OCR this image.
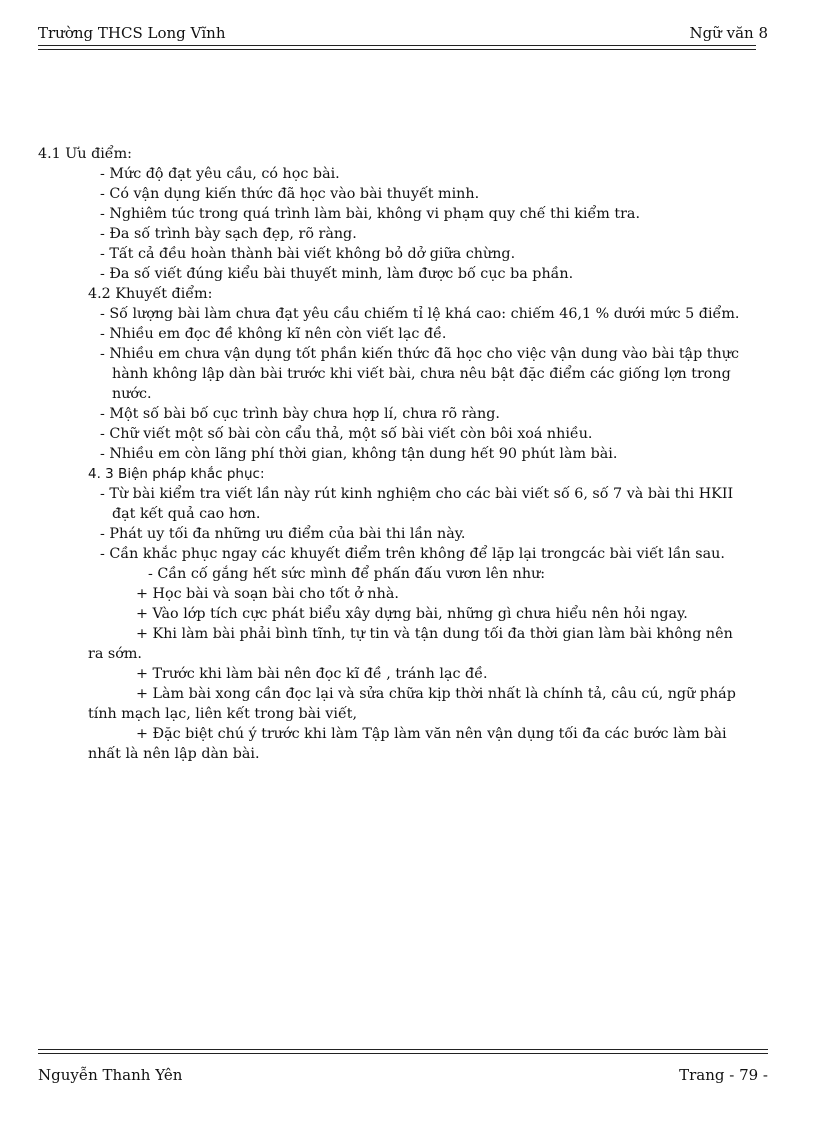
Trường THCS Long Vĩnh	Ngữ văn 8
4.1 Ưu điểm:
- Mức độ đạt yêu cầu, có học bài.
- Có vận dụng kiến thức đã học vào bài thuyết minh.
- Nghiêm túc trong quá trình làm bài, không vi phạm quy chế thi kiểm tra.
- Đa số trình bày sạch đẹp, rõ ràng.
- Tất cả đều hoàn thành bài viết không bỏ dở giữa chừng.
- Đa số viết đúng kiểu bài thuyết minh, làm được bố cục ba phần.
4.2 Khuyết điểm:
- Số lượng bài làm chưa đạt yêu cầu chiếm tỉ lệ khá cao: chiếm 46,1 % dưới mức 5 điểm.
- Nhiều em đọc đề không kĩ nên còn viết lạc đề.
- Nhiều em chưa vận dụng tốt phần kiến thức đã học cho việc vận dung vào bài tập thực
hành không lập dàn bài trước khi viết bài, chưa nêu bật đặc điểm các giống lợn trong
nước.
- Một số bài bố cục trình bày chưa hợp lí, chưa rõ ràng.
- Chữ viết một số bài còn cẩu thả, một số bài viết còn bôi xoá nhiều.
- Nhiều em còn lãng phí thời gian, không tận dung hết 90 phút làm bài.
4. 3 Biện pháp khắc phục:
- Từ bài kiểm tra viết lần này rút kinh nghiệm cho các bài viết số 6, số 7 và bài thi HKII
đạt kết quả cao hơn.
- Phát uy tối đa những ưu điểm của bài thi lần này.
- Cần khắc phục ngay các khuyết điểm trên không để lặp lại trongcác bài viết lần sau.
- Cần cố gắng hết sức mình để phấn đấu vươn lên như:
+ Học bài và soạn bài cho tốt ở nhà.
+ Vào lớp tích cực phát biểu xây dựng bài, những gì chưa hiểu nên hỏi ngay.
+ Khi làm bài phải bình tĩnh, tự tin và tận dung tối đa thời gian làm bài không nên
ra sớm.
+ Trước khi làm bài nên đọc kĩ đề , tránh lạc đề.
+ Làm bài xong cần đọc lại và sửa chữa kịp thời nhất là chính tả, câu cú, ngữ pháp
tính mạch lạc, liên kết trong bài viết,
+ Đặc biệt chú ý trước khi làm Tập làm văn nên vận dụng tối đa các bước làm bài
nhất là nên lập dàn bài.
Nguyễn Thanh Yên	Trang - 79 -
